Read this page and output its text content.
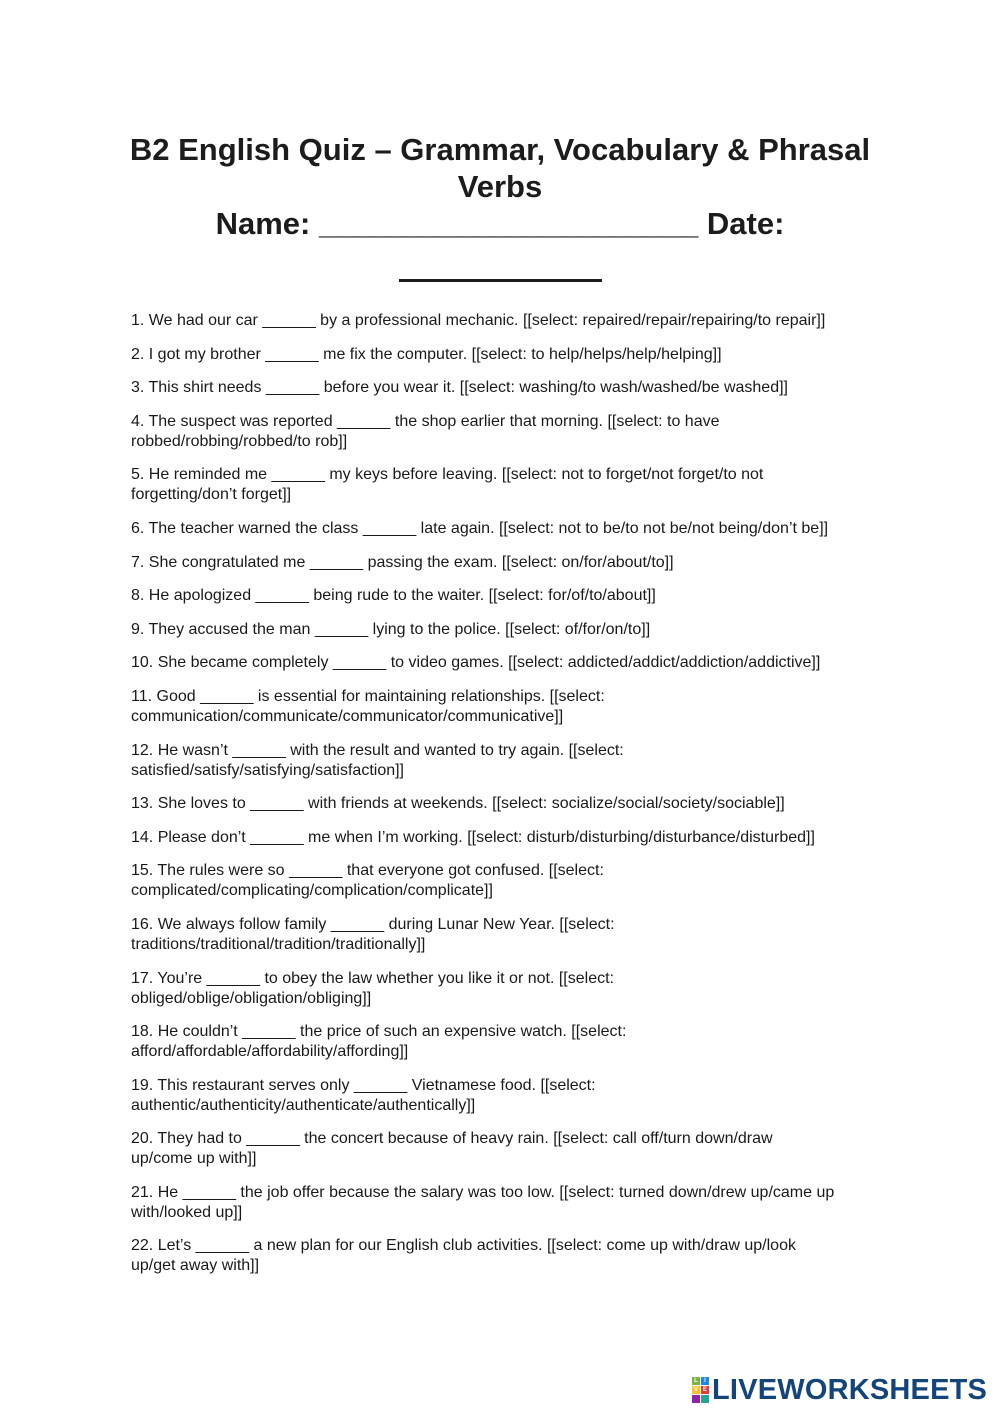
B2 English Quiz – Grammar, Vocabulary & Phrasal
Verbs
Name: ______________________ Date:
1. We had our car ______ by a professional mechanic. [[select: repaired/repair/repairing/to repair]]
2. I got my brother ______ me fix the computer. [[select: to help/helps/help/helping]]
3. This shirt needs ______ before you wear it. [[select: washing/to wash/washed/be washed]]
4. The suspect was reported ______ the shop earlier that morning. [[select: to have
robbed/robbing/robbed/to rob]]
5. He reminded me ______ my keys before leaving. [[select: not to forget/not forget/to not
forgetting/don’t forget]]
6. The teacher warned the class ______ late again. [[select: not to be/to not be/not being/don’t be]]
7. She congratulated me ______ passing the exam. [[select: on/for/about/to]]
8. He apologized ______ being rude to the waiter. [[select: for/of/to/about]]
9. They accused the man ______ lying to the police. [[select: of/for/on/to]]
10. She became completely ______ to video games. [[select: addicted/addict/addiction/addictive]]
11. Good ______ is essential for maintaining relationships. [[select:
communication/communicate/communicator/communicative]]
12. He wasn’t ______ with the result and wanted to try again. [[select:
satisfied/satisfy/satisfying/satisfaction]]
13. She loves to ______ with friends at weekends. [[select: socialize/social/society/sociable]]
14. Please don’t ______ me when I’m working. [[select: disturb/disturbing/disturbance/disturbed]]
15. The rules were so ______ that everyone got confused. [[select:
complicated/complicating/complication/complicate]]
16. We always follow family ______ during Lunar New Year. [[select:
traditions/traditional/tradition/traditionally]]
17. You’re ______ to obey the law whether you like it or not. [[select:
obliged/oblige/obligation/obliging]]
18. He couldn’t ______ the price of such an expensive watch. [[select:
afford/affordable/affordability/affording]]
19. This restaurant serves only ______ Vietnamese food. [[select:
authentic/authenticity/authenticate/authentically]]
20. They had to ______ the concert because of heavy rain. [[select: call off/turn down/draw
up/come up with]]
21. He ______ the job offer because the salary was too low. [[select: turned down/drew up/came up
with/looked up]]
22. Let’s ______ a new plan for our English club activities. [[select: come up with/draw up/look
up/get away with]]
L	I
V E LIVEWORKSHEETS
